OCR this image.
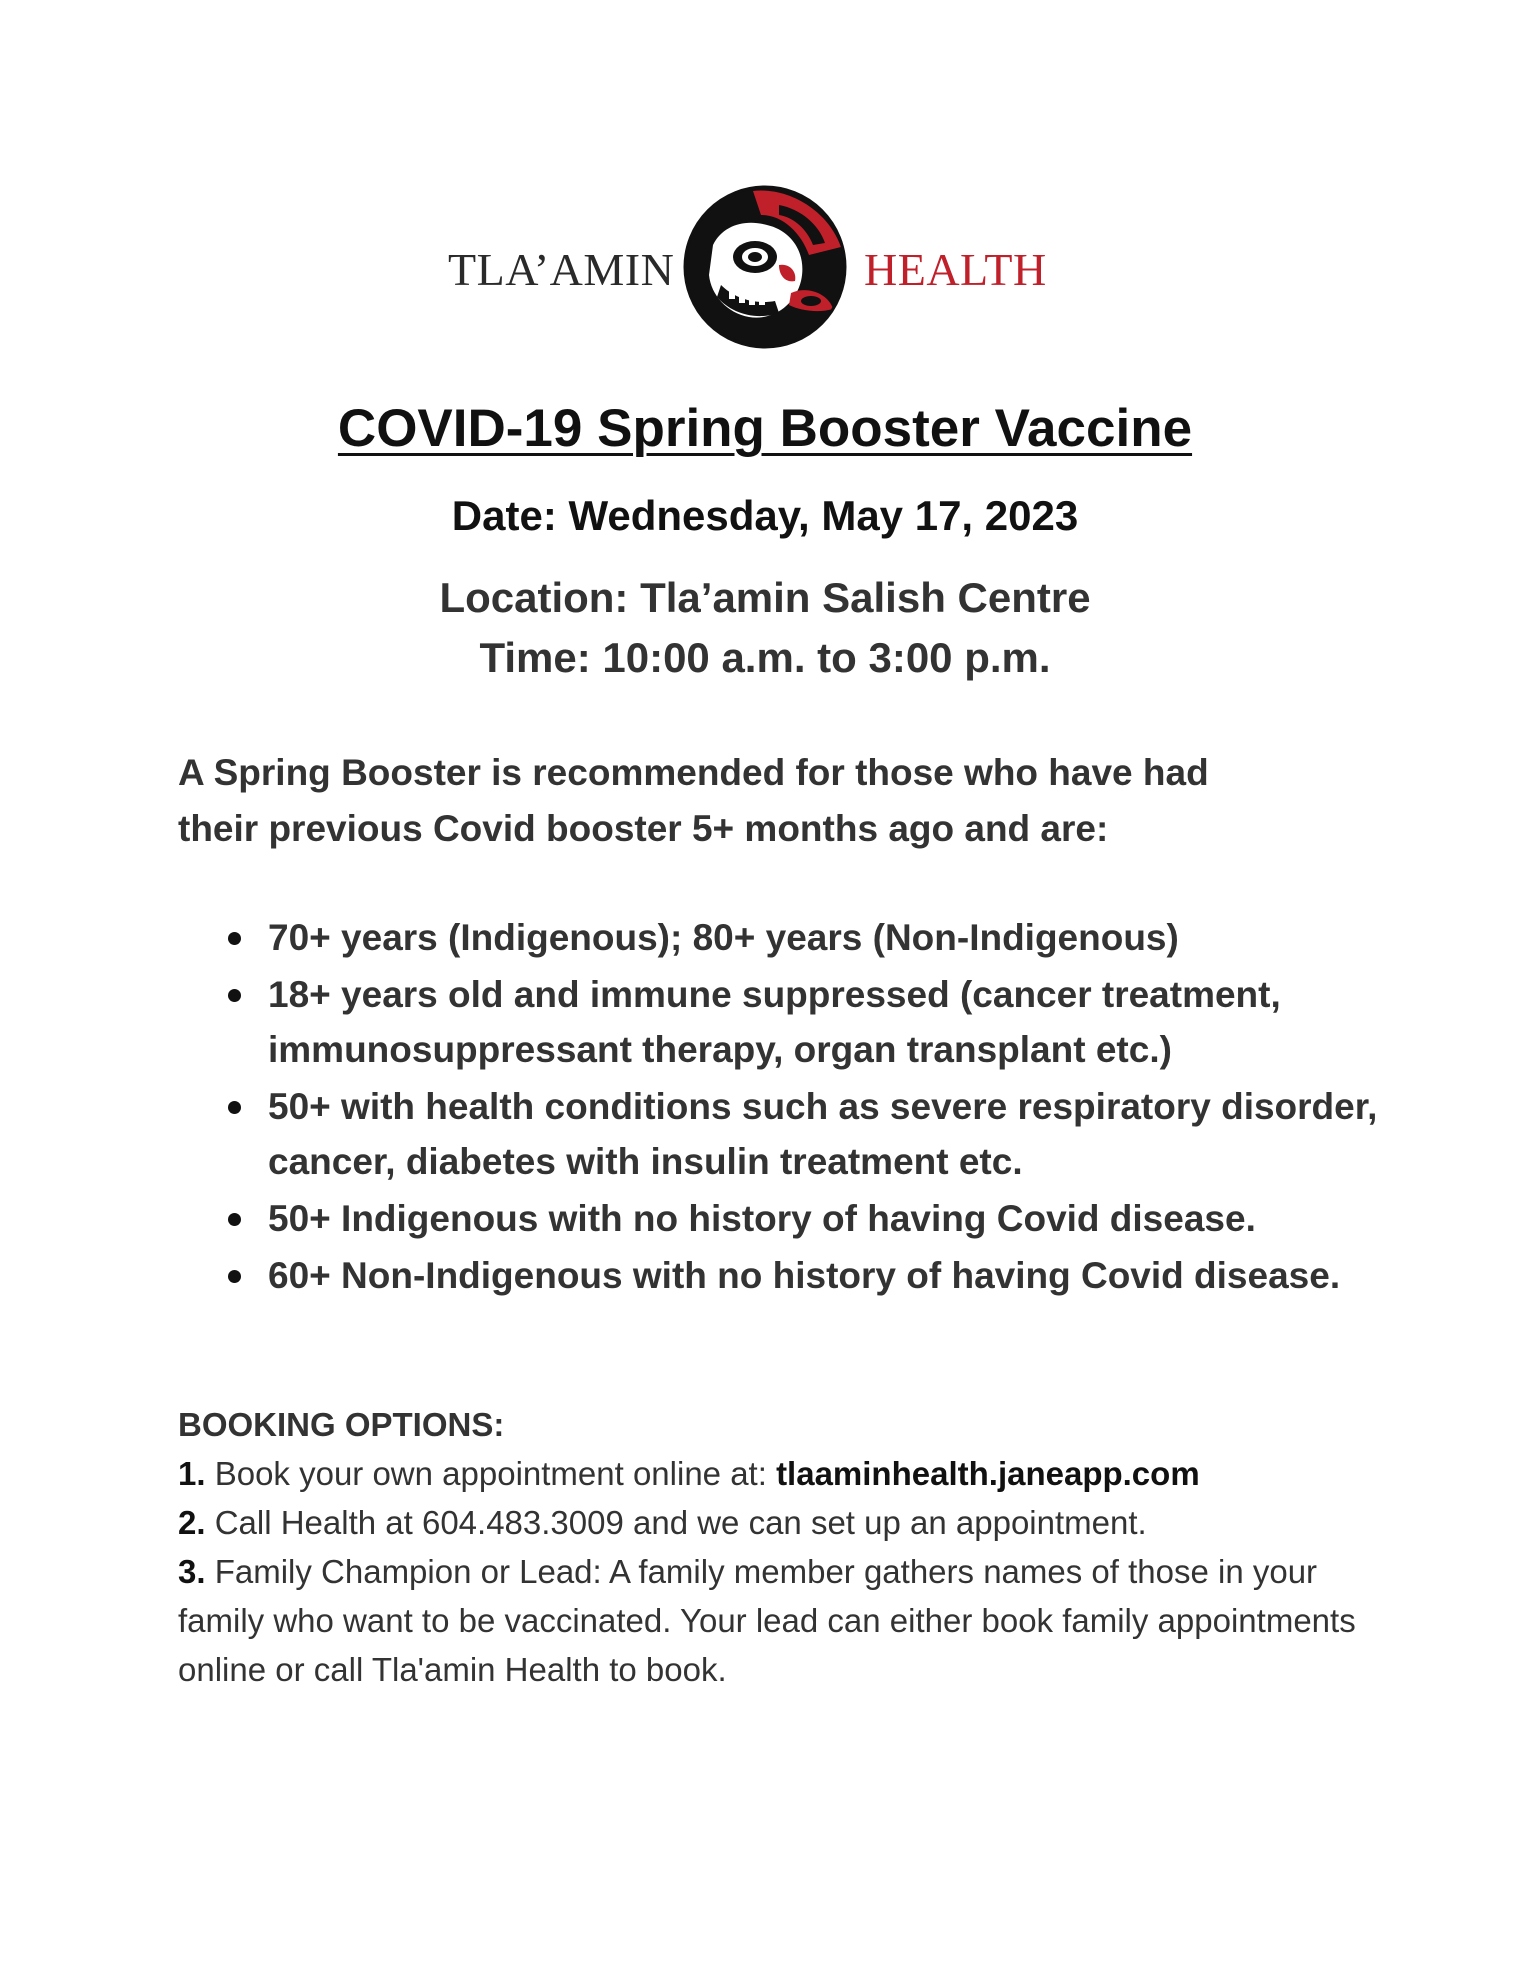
TLA’AMIN	HEALTH
COVID-19 Spring Booster Vaccine
Date: Wednesday, May 17, 2023
Location: Tla’amin Salish Centre
Time: 10:00 a.m. to 3:00 p.m.

A Spring Booster is recommended for those who have had

their previous Covid booster 5+ months ago and are:

70+ years (Indigenous); 80+ years (Non-Indigenous)
18+ years old and immune suppressed (cancer treatment, immunosuppressant therapy, organ transplant etc.)
50+ with health conditions such as severe respiratory disorder, cancer, diabetes with insulin treatment etc.
50+ Indigenous with no history of having Covid disease.
60+ Non-Indigenous with no history of having Covid disease.
BOOKING OPTIONS:

1. Book your own appointment online at: tlaaminhealth.janeapp.com

2. Call Health at 604.483.3009 and we can set up an appointment.

3. Family Champion or Lead: A family member gathers names of those in your family who want to be vaccinated. Your lead can either book family appointments online or call Tla'amin Health to book.
